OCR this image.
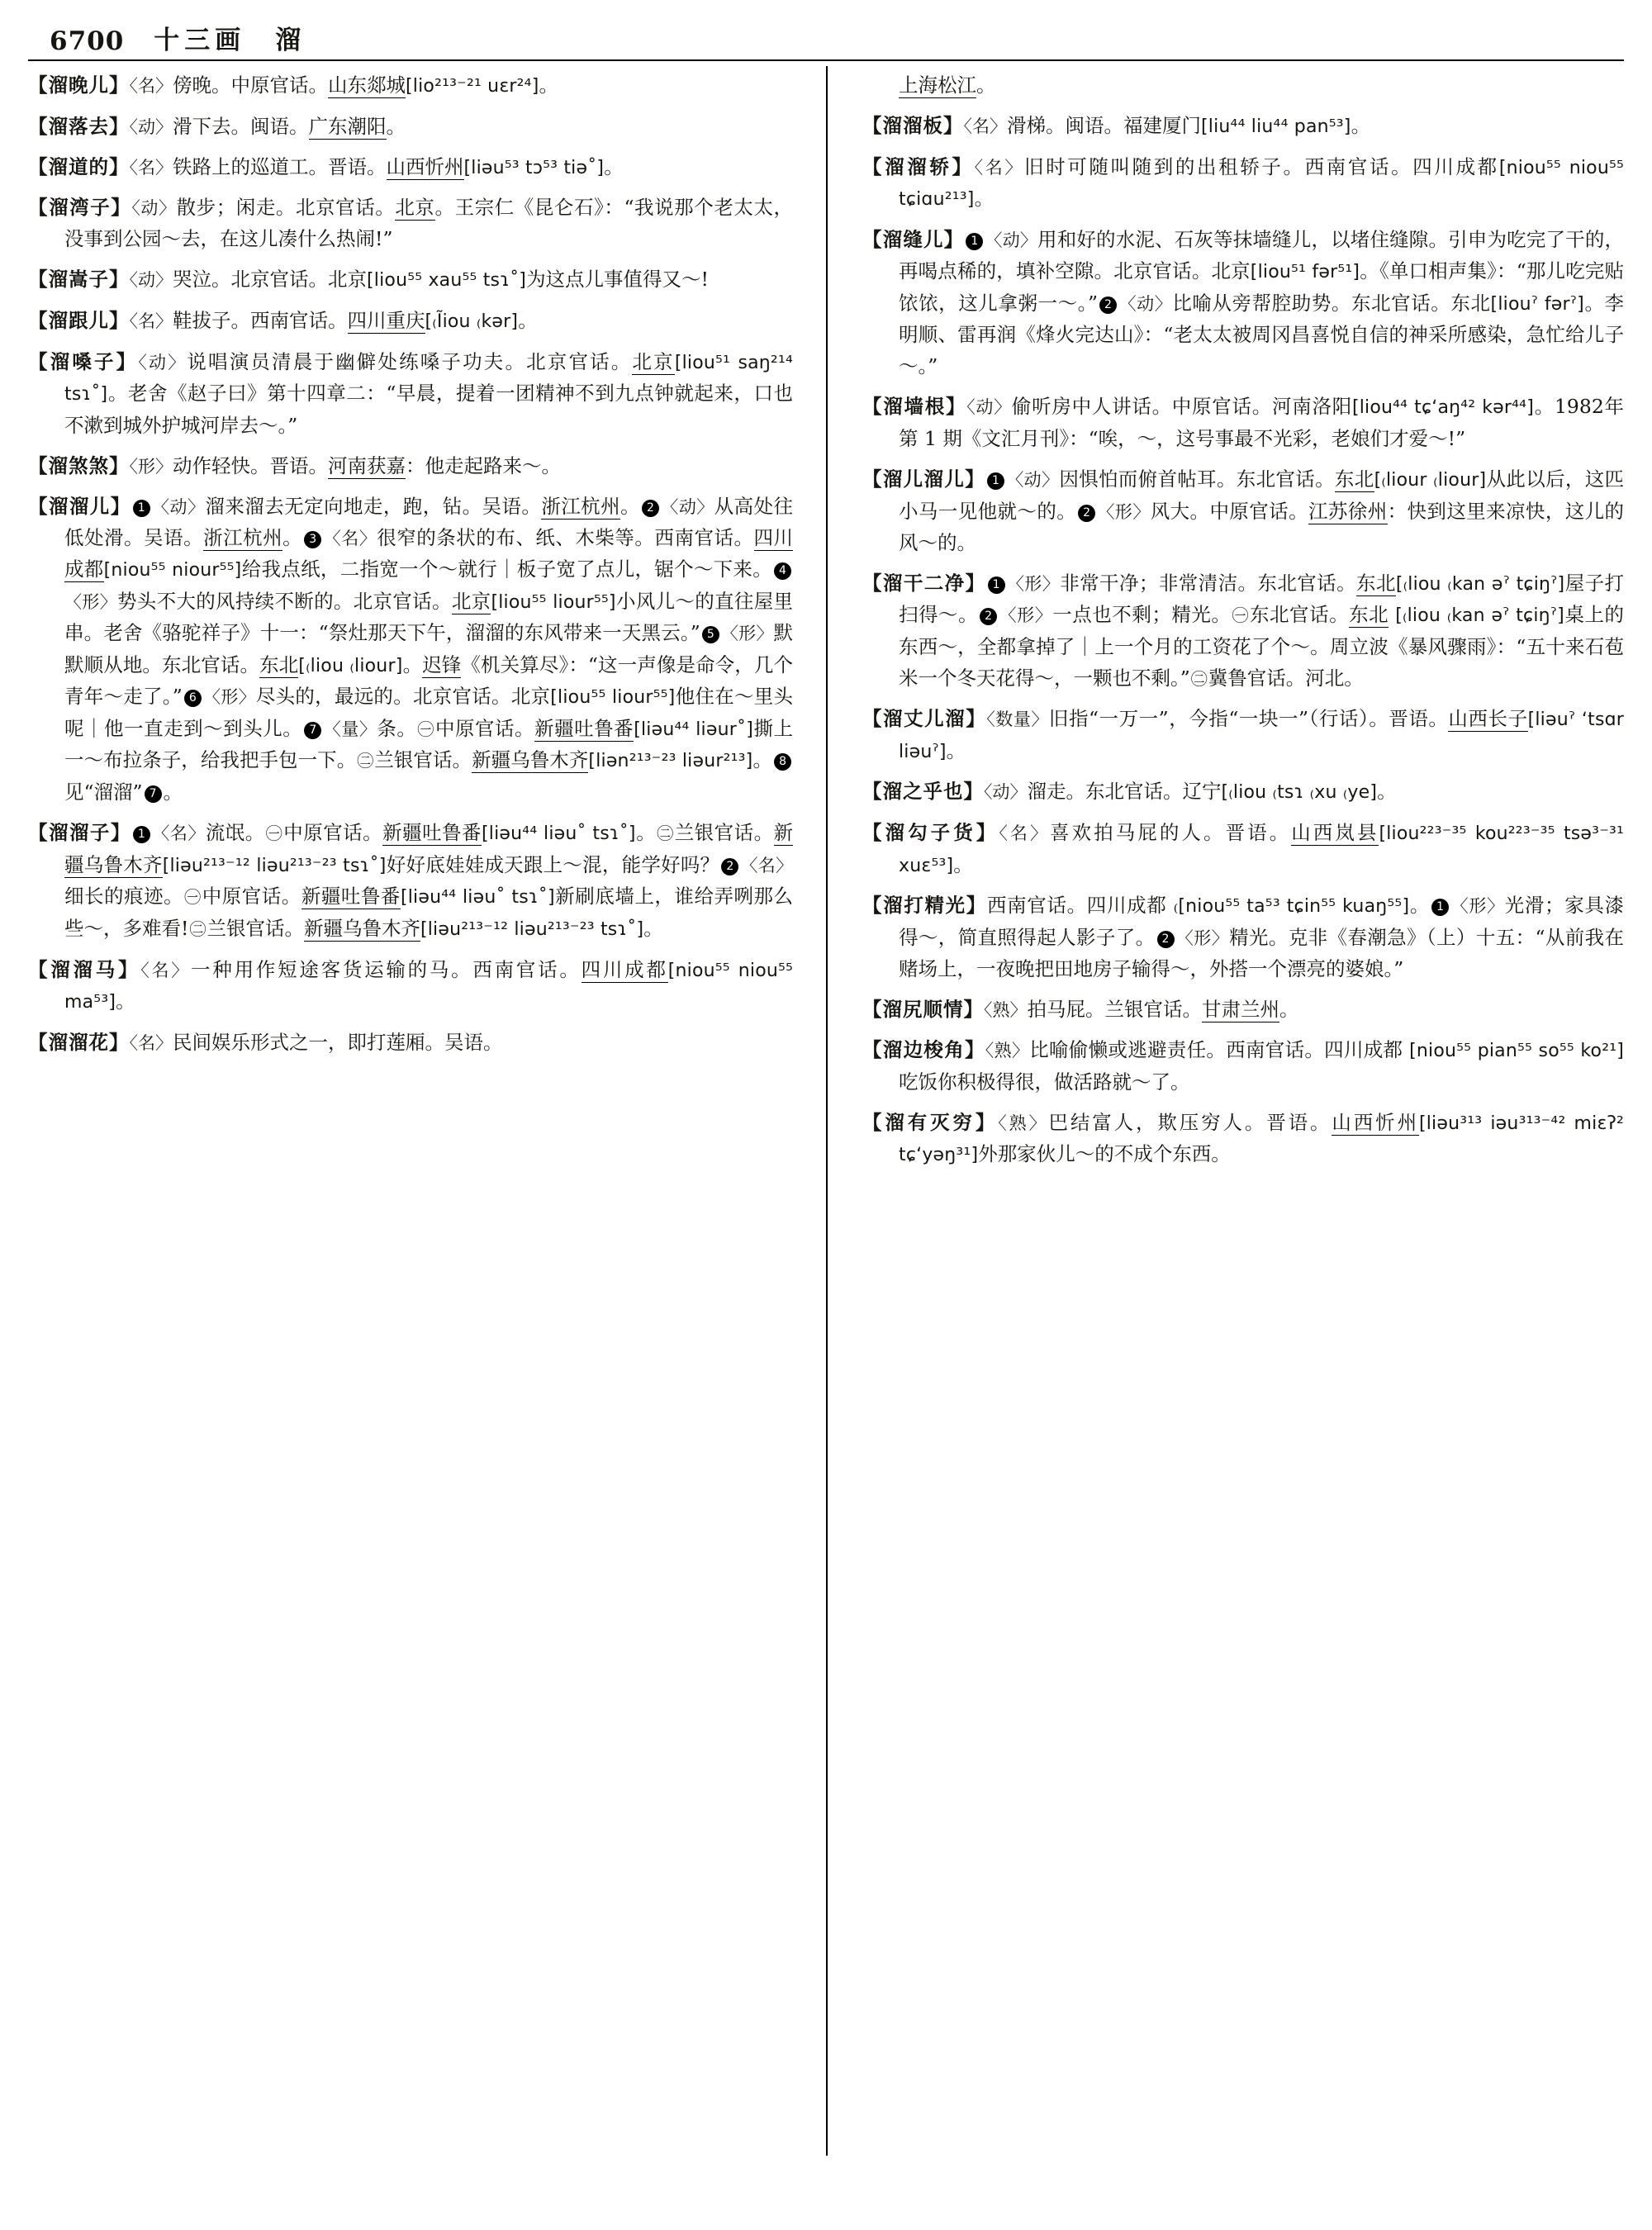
6700 十三画 溜
【溜晚儿】〈名〉傍晚。中原官话。山东郯城[lio²¹³⁻²¹ uɛr²⁴]。
【溜落去】〈动〉滑下去。闽语。广东潮阳。
【溜道的】〈名〉铁路上的巡道工。晋语。山西忻州[liəu⁵³ tɔ⁵³ tiə˚]。
【溜湾子】〈动〉散步；闲走。北京官话。北京。王宗仁《昆仑石》：“我说那个老太太，没事到公园～去，在这儿凑什么热闹!”
【溜嵩子】〈动〉哭泣。北京官话。北京[liou⁵⁵ xau⁵⁵ tsɿ˚]为这点儿事值得又～!
【溜跟儿】〈名〉鞋拔子。西南官话。四川重庆[₍Ĩiou ₍kər]。
【溜嗓子】〈动〉说唱演员清晨于幽僻处练嗓子功夫。北京官话。北京[liou⁵¹ saŋ²¹⁴ tsɿ˚]。老舍《赵子曰》第十四章二：“早晨，提着一团精神不到九点钟就起来，口也不漱到城外护城河岸去～。”
【溜煞煞】〈形〉动作轻快。晋语。河南获嘉：他走起路来～。
【溜溜儿】 1 〈动〉溜来溜去无定向地走，跑，钻。吴语。浙江杭州。 2 〈动〉从高处往低处滑。吴语。浙江杭州。 3 〈名〉很窄的条状的布、纸、木柴等。西南官话。四川成都[niou⁵⁵ niour⁵⁵]给我点纸，二指宽一个～就行｜板子宽了点儿，锯个～下来。 4〈形〉势头不大的风持续不断的。北京官话。北京[liou⁵⁵ liour⁵⁵]小风儿～的直往屋里串。老舍《骆驼祥子》十一：“祭灶那天下午，溜溜的东风带来一天黑云。” 5 〈形〉默默顺从地。东北官话。东北[₍liou ₍liour]。迟锋《机关算尽》：“这一声像是命令，几个青年～走了。” 6 〈形〉尽头的，最远的。北京官话。北京[liou⁵⁵ liour⁵⁵]他住在～里头呢｜他一直走到～到头儿。 7 〈量〉条。㊀中原官话。新疆吐鲁番[liəu⁴⁴ liəur˚]撕上一～布拉条子，给我把手包一下。㊁兰银官话。新疆乌鲁木齐[liən²¹³⁻²³ liəur²¹³]。 8见“溜溜” 7 。
【溜溜子】 1 〈名〉流氓。㊀中原官话。新疆吐鲁番[liəu⁴⁴ liəu˚ tsɿ˚]。㊁兰银官话。新疆乌鲁木齐[liəu²¹³⁻¹² liəu²¹³⁻²³ tsɿ˚]好好底娃娃成天跟上～混，能学好吗？ 2 〈名〉细长的痕迹。㊀中原官话。新疆吐鲁番[liəu⁴⁴ liəu˚ tsɿ˚]新刷底墙上，谁给弄咧那么些～，多难看!㊁兰银官话。新疆乌鲁木齐[liəu²¹³⁻¹² liəu²¹³⁻²³ tsɿ˚]。
【溜溜马】〈名〉一种用作短途客货运输的马。西南官话。四川成都[niou⁵⁵ niou⁵⁵ ma⁵³]。
【溜溜花】〈名〉民间娱乐形式之一，即打莲厢。吴语。
上海松江。
【溜溜板】〈名〉滑梯。闽语。福建厦门[liu⁴⁴ liu⁴⁴ pan⁵³]。
【溜溜轿】〈名〉旧时可随叫随到的出租轿子。西南官话。四川成都[niou⁵⁵ niou⁵⁵ tɕiɑu²¹³]。
【溜缝儿】 1 〈动〉用和好的水泥、石灰等抹墙缝儿，以堵住缝隙。引申为吃完了干的，再喝点稀的，填补空隙。北京官话。北京[liou⁵¹ fər⁵¹]。《单口相声集》：“那儿吃完贴饻饻，这儿拿粥一～。” 2 〈动〉比喻从旁帮腔助势。东北官话。东北[liouˀ fərˀ]。李明顺、雷再润《烽火完达山》：“老太太被周冈昌喜悦自信的神采所感染，急忙给儿子～。”
【溜墙根】〈动〉偷听房中人讲话。中原官话。河南洛阳[liou⁴⁴ tɕʻaŋ⁴² kər⁴⁴]。1982年第 1 期《文汇月刊》：“唉，～，这号事最不光彩，老娘们才爱～!”
【溜儿溜儿】 1 〈动〉因惧怕而俯首帖耳。东北官话。东北[₍liour ₍liour]从此以后，这匹小马一见他就～的。 2 〈形〉风大。中原官话。江苏徐州：快到这里来凉快，这儿的风～的。
【溜干二净】 1 〈形〉非常干净；非常清洁。东北官话。东北[₍liou ₍kan əˀ tɕiŋˀ]屋子打扫得～。 2 〈形〉一点也不剩；精光。㊀东北官话。东北 [₍liou ₍kan əˀ tɕiŋˀ]桌上的东西～，全都拿掉了｜上一个月的工资花了个～。周立波《暴风骤雨》：“五十来石苞米一个冬天花得～，一颗也不剩。”㊁冀鲁官话。河北。
【溜丈儿溜】〈数量〉旧指“一万一”，今指“一块一”（行话）。晋语。山西长子[liəuˀ ʻtsɑr liəuˀ]。
【溜之乎也】〈动〉溜走。东北官话。辽宁[₍liou ₍tsɿ ₍xu ₍ye]。
【溜勾子货】〈名〉喜欢拍马屁的人。晋语。山西岚县[liou²²³⁻³⁵ kou²²³⁻³⁵ tsə³⁻³¹ xuɛ⁵³]。
【溜打精光】西南官话。四川成都 ₍[niou⁵⁵ ta⁵³ tɕin⁵⁵ kuaŋ⁵⁵]。 1 〈形〉光滑；家具漆得～，简直照得起人影子了。 2 〈形〉精光。克非《春潮急》（上）十五：“从前我在赌场上，一夜晚把田地房子输得～，外搭一个漂亮的婆娘。”
【溜尻顺情】〈熟〉拍马屁。兰银官话。甘肃兰州。
【溜边梭角】〈熟〉比喻偷懒或逃避责任。西南官话。四川成都 [niou⁵⁵ pian⁵⁵ so⁵⁵ ko²¹]吃饭你积极得很，做活路就～了。
【溜有灭穷】〈熟〉巴结富人，欺压穷人。晋语。山西忻州[liəu³¹³ iəu³¹³⁻⁴² miɛʔ² tɕʻyəŋ³¹]外那家伙儿～的不成个东西。
